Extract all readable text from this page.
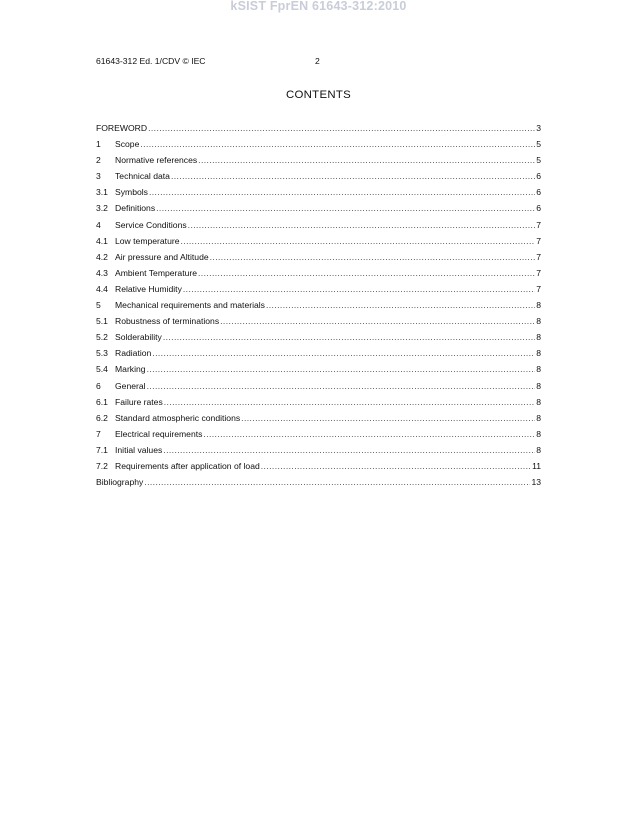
kSIST FprEN 61643-312:2010
61643-312 Ed. 1/CDV © IEC	2
CONTENTS
FOREWORD .....	3
1	Scope .....	5
2	Normative references .....	5
3	Technical data .....	6
3.1 Symbols .....	6
3.2 Definitions .....	6
4	Service Conditions .....	7
4.1 Low temperature .....	7
4.2 Air pressure and Altitude .....	7
4.3 Ambient Temperature .....	7
4.4 Relative Humidity .....	7
5	Mechanical requirements and materials .....	8
5.1 Robustness of terminations .....	8
5.2 Solderability .....	8
5.3 Radiation .....	8
5.4 Marking .....	8
6	General .....	8
6.1 Failure rates .....	8
6.2 Standard atmospheric conditions .....	8
7	Electrical requirements .....	8
7.1 Initial values .....	8
7.2 Requirements after application of load .....	11
Bibliography .....	13
